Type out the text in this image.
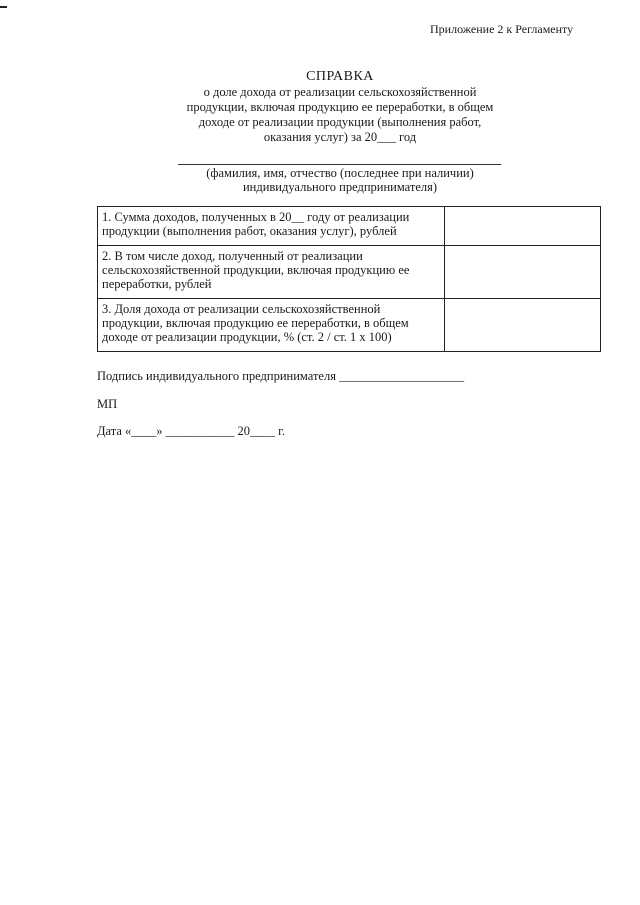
Приложение 2 к Регламенту
СПРАВКА
о доле дохода от реализации сельскохозяйственной
продукции, включая продукцию ее переработки, в общем
доходе от реализации продукции (выполнения работ,
оказания услуг) за 20___ год
(фамилия, имя, отчество (последнее при наличии)
индивидуального предпринимателя)
1. Сумма доходов, полученных в 20__ году от реализации продукции (выполнения работ, оказания услуг), рублей	
2. В том числе доход, полученный от реализации сельскохозяйственной продукции, включая продукцию ее переработки, рублей	
3. Доля дохода от реализации сельскохозяйственной продукции, включая продукцию ее переработки, в общем доходе от реализации продукции, % (ст. 2 / ст. 1 х 100)	
Подпись индивидуального предпринимателя ____________________
МП
Дата «____» ___________ 20____ г.
